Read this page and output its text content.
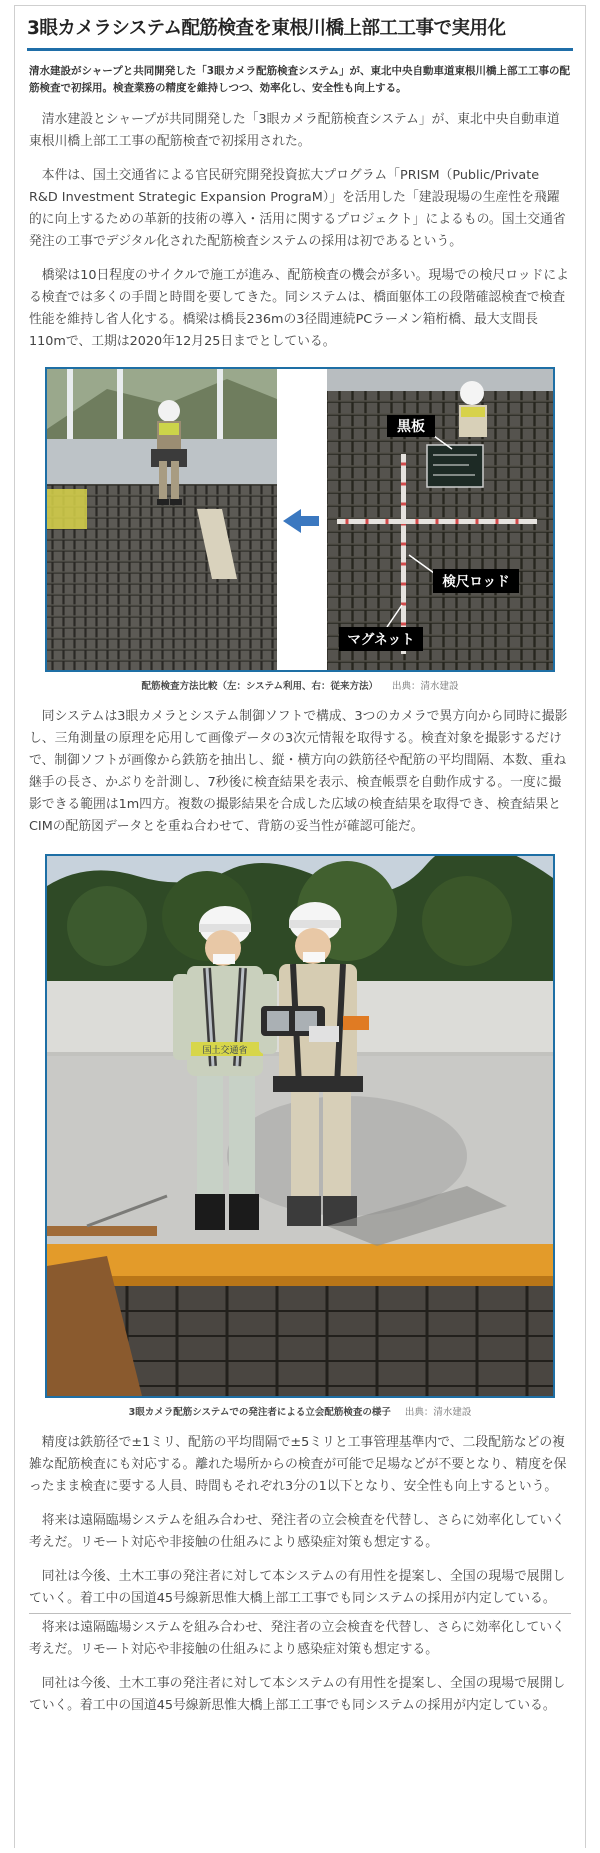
3眼カメラシステム配筋検査を東根川橋上部工工事で実用化

清水建設がシャープと共同開発した「3眼カメラ配筋検査システム」が、東北中央自動車道東根川橋上部工工事の配筋検査で初採用。検査業務の精度を維持しつつ、効率化し、安全性も向上する。

清水建設とシャープが共同開発した「3眼カメラ配筋検査システム」が、東北中央自動車道東根川橋上部工工事の配筋検査で初採用された。

本件は、国土交通省による官民研究開発投資拡大プログラム「PRISM（Public/Private R&D Investment Strategic Expansion PrograM）」を活用した「建設現場の生産性を飛躍的に向上するための革新的技術の導入・活用に関するプロジェクト」によるもの。国土交通省発注の工事でデジタル化された配筋検査システムの採用は初であるという。

橋梁は10日程度のサイクルで施工が進み、配筋検査の機会が多い。現場での検尺ロッドによる検査では多くの手間と時間を要してきた。同システムは、橋面躯体工の段階確認検査で検査性能を維持し省人化する。橋梁は橋長236mの3径間連続PCラーメン箱桁橋、最大支間長110mで、工期は2020年12月25日までとしている。

黒板
検尺ロッド
マグネット

配筋検査方法比較（左：システム利用、右：従来方法） 出典：清水建設

同システムは3眼カメラとシステム制御ソフトで構成、3つのカメラで異方向から同時に撮影し、三角測量の原理を応用して画像データの3次元情報を取得する。検査対象を撮影するだけで、制御ソフトが画像から鉄筋を抽出し、縦・横方向の鉄筋径や配筋の平均間隔、本数、重ね継手の長さ、かぶりを計測し、7秒後に検査結果を表示、検査帳票を自動作成する。一度に撮影できる範囲は1m四方。複数の撮影結果を合成した広域の検査結果を取得でき、検査結果とCIMの配筋図データとを重ね合わせて、背筋の妥当性が確認可能だ。

国土交通省

3眼カメラ配筋システムでの発注者による立会配筋検査の様子 出典：清水建設

精度は鉄筋径で±1ミリ、配筋の平均間隔で±5ミリと工事管理基準内で、二段配筋などの複雑な配筋検査にも対応する。離れた場所からの検査が可能で足場などが不要となり、精度を保ったまま検査に要する人員、時間もそれぞれ3分の1以下となり、安全性も向上するという。

将来は遠隔臨場システムを組み合わせ、発注者の立会検査を代替し、さらに効率化していく考えだ。リモート対応や非接触の仕組みにより感染症対策も想定する。

同社は今後、土木工事の発注者に対して本システムの有用性を提案し、全国の現場で展開していく。着工中の国道45号線新思惟大橋上部工工事でも同システムの採用が内定している。

将来は遠隔臨場システムを組み合わせ、発注者の立会検査を代替し、さらに効率化していく考えだ。リモート対応や非接触の仕組みにより感染症対策も想定する。

同社は今後、土木工事の発注者に対して本システムの有用性を提案し、全国の現場で展開していく。着工中の国道45号線新思惟大橋上部工工事でも同システムの採用が内定している。
